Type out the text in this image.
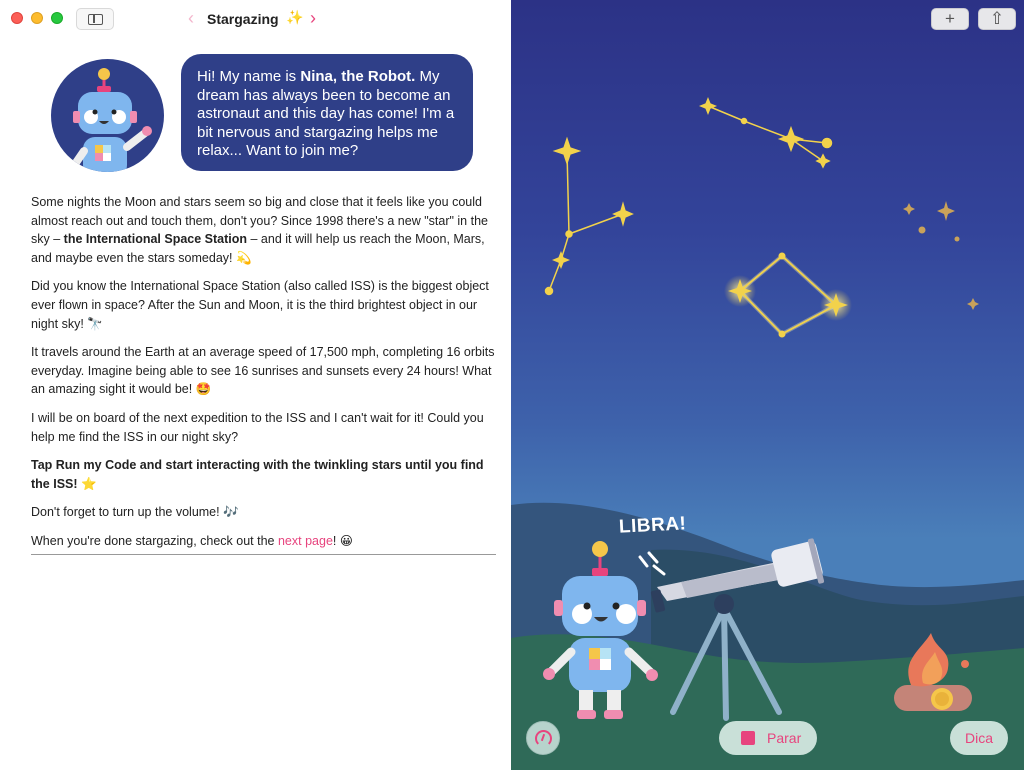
‹ Stargazing ✨ ›
Hi! My name is Nina, the Robot. My dream has always been to become an astronaut and this day has come! I'm a bit nervous and stargazing helps me relax... Want to join me?

Some nights the Moon and stars seem so big and close that it feels like you could almost reach out and touch them, don't you? Since 1998 there's a new "star" in the sky – the International Space Station – and it will help us reach the Moon, Mars, and maybe even the stars someday! 💫

Did you know the International Space Station (also called ISS) is the biggest object ever flown in space? After the Sun and Moon, it is the third brightest object in our night sky! 🔭

It travels around the Earth at an average speed of 17,500 mph, completing 16 orbits everyday. Imagine being able to see 16 sunrises and sunsets every 24 hours! What an amazing sight it would be! 🤩

I will be on board of the next expedition to the ISS and I can't wait for it! Could you help me find the ISS in our night sky?

Tap Run my Code and start interacting with the twinkling stars until you find the ISS! ⭐️

Don't forget to turn up the volume! 🎶

When you're done stargazing, check out the next page! 😀

+	⇧
LIBRA!
Parar	Dica
